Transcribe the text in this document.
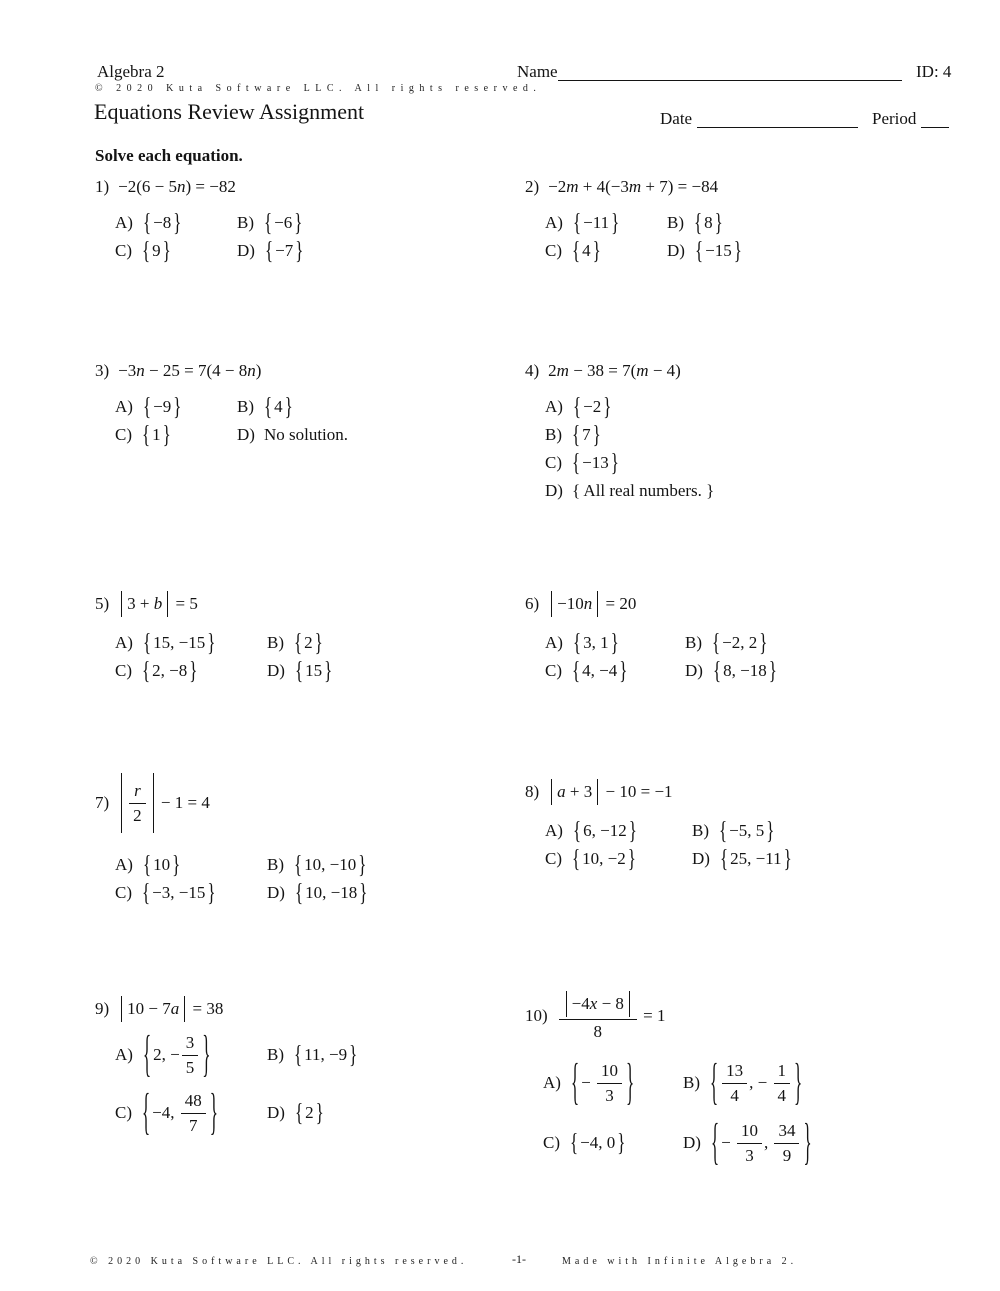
Algebra 2
© 2020 Kuta Software LLC. All rights reserved.
Name	ID: 4
Equations Review Assignment	Date	Period
Solve each equation.
1) −2(6 − 5 n ) = −82
A) { −8 }	B) { −6 }
C) { 9 }	D) { −7 }
2) −2 m + 4(−3 m + 7) = −84
A) { −11 }	B) { 8 }
C) { 4 }	D) { −15 }
3) −3 n − 25 = 7(4 − 8 n )
A) { −9 }	B) { 4 }
C) { 1 }	D) No solution.
4) 2 m − 38 = 7( m − 4)
A) { −2 }
B) { 7 }
C) { −13 }
D) { All real numbers. }
5) 3 + b = 5
A) { 15, −15 }	B) { 2 }
C) { 2, −8 }	D) { 15 }
6) −10 n = 20
A) { 3, 1 }	B) { −2, 2 }
C) { 4, −4 }	D) { 8, −18 }
$7) \frac{r}{2} - 1 = 4$
A) { 10 }	B) { 10, −10 }
C) { −3, −15 }	D) { 10, −18 }
8) a + 3 − 10 = −1
A) { 6, −12 }	B) { −5, 5 }
C) { 10, −2 }	D) { 25, −11 }
9) 10 − 7 a = 38
A) { 2, − $\frac{3}{5}$ }	B) { 11, −9 }
C) { −4, $\frac{48}{7}$ }	D) { 2 }
$10) \frac{-4 x - 8}{8} = 1$
A) { − $\frac{10}{3}$ }	B) { $\frac{13}{4}$ , − $\frac{1}{4}$ }
C) { −4, 0 }	D) { − $\frac{10}{3}$ , $\frac{34}{9}$ }
© 2020 Kuta Software LLC. All rights reserved.	-1-	Made with Infinite Algebra 2.
